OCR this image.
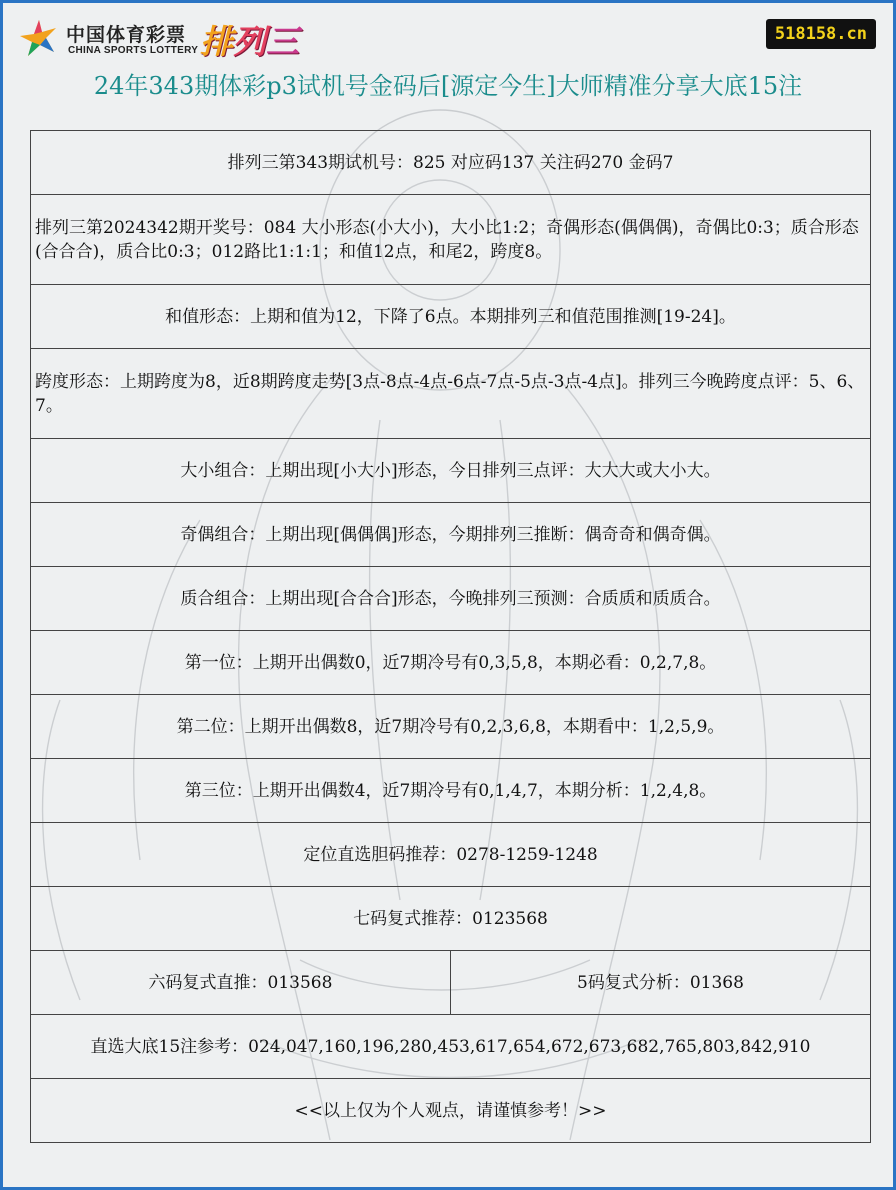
中国体育彩票
CHINA SPORTS LOTTERY 排列三	518158.cn
24年343期体彩p3试机号金码后[源定今生]大师精准分享大底15注
排列三第343期试机号：825 对应码137 关注码270 金码7
排列三第2024342期开奖号：084 大小形态(小大小)，大小比1:2；奇偶形态(偶偶偶)，奇偶比0:3；质合形态(合合合)，质合比0:3；012路比1:1:1；和值12点，和尾2，跨度8。
和值形态：上期和值为12，下降了6点。本期排列三和值范围推测[19-24]。
跨度形态：上期跨度为8，近8期跨度走势[3点-8点-4点-6点-7点-5点-3点-4点]。排列三今晚跨度点评：5、6、7。
大小组合：上期出现[小大小]形态，今日排列三点评：大大大或大小大。
奇偶组合：上期出现[偶偶偶]形态，今期排列三推断：偶奇奇和偶奇偶。
质合组合：上期出现[合合合]形态，今晚排列三预测：合质质和质质合。
第一位：上期开出偶数0，近7期冷号有0,3,5,8，本期必看：0,2,7,8。
第二位：上期开出偶数8，近7期冷号有0,2,3,6,8，本期看中：1,2,5,9。
第三位：上期开出偶数4，近7期冷号有0,1,4,7，本期分析：1,2,4,8。
定位直选胆码推荐：0278-1259-1248
七码复式推荐：0123568
六码复式直推：013568	5码复式分析：01368
直选大底15注参考：024,047,160,196,280,453,617,654,672,673,682,765,803,842,910
<<以上仅为个人观点，请谨慎参考！>>
